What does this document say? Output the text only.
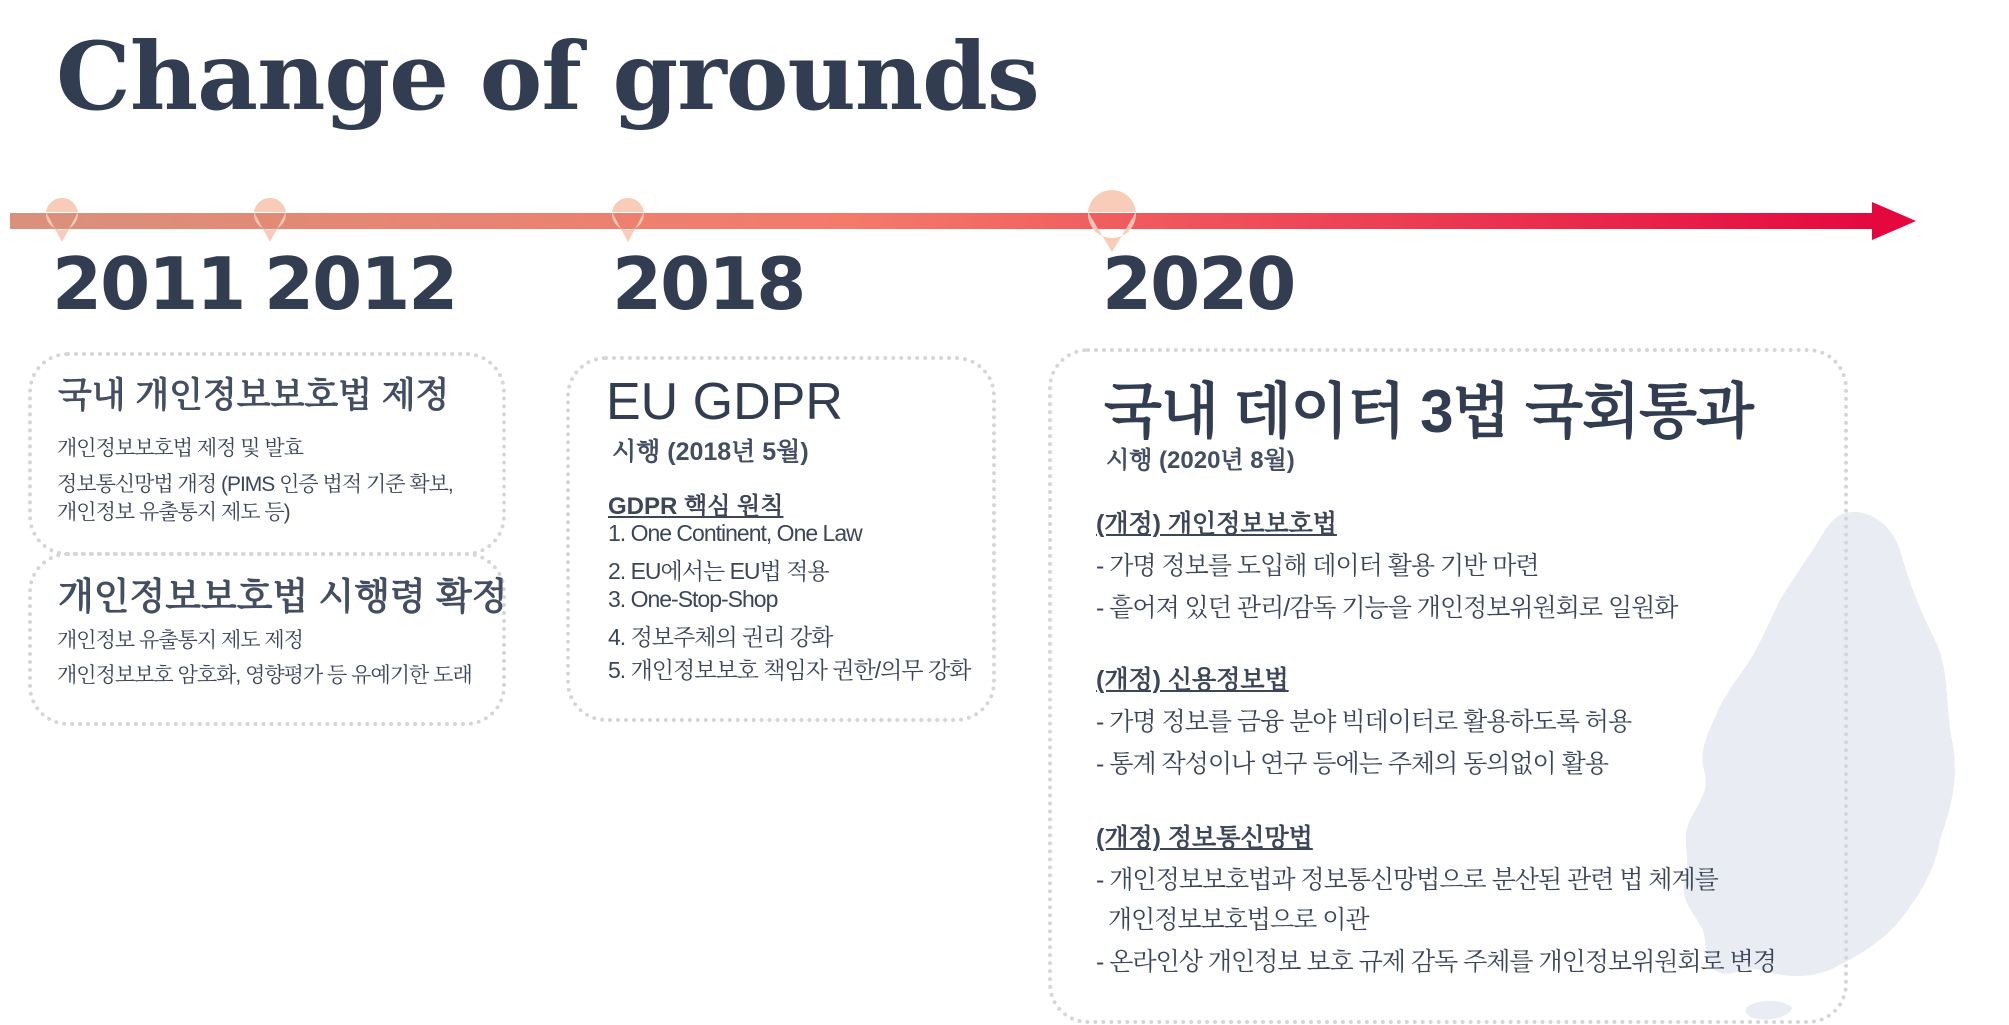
Change of grounds
2011 2012 2018	2020
국내 개인정보보호법 제정
개인정보보호법 제정 및 발효
정보통신망법 개정 (PIMS 인증 법적 기준 확보,
개인정보 유출통지 제도 등)
개인정보보호법 시행령 확정
개인정보 유출통지 제도 제정
개인정보보호 암호화, 영향평가 등 유예기한 도래
EU GDPR
시행 (2018년 5월)
GDPR 핵심 원칙
1. One Continent, One Law
2. EU에서는 EU법 적용
3. One-Stop-Shop
4. 정보주체의 권리 강화
5. 개인정보보호 책임자 권한/의무 강화
국내 데이터 3법 국회통과
시행 (2020년 8월)
(개정) 개인정보보호법
- 가명 정보를 도입해 데이터 활용 기반 마련
- 흩어져 있던 관리/감독 기능을 개인정보위원회로 일원화
(개정) 신용정보법
- 가명 정보를 금융 분야 빅데이터로 활용하도록 허용
- 통계 작성이나 연구 등에는 주체의 동의없이 활용
(개정) 정보통신망법
- 개인정보보호법과 정보통신망법으로 분산된 관련 법 체계를
개인정보보호법으로 이관
- 온라인상 개인정보 보호 규제 감독 주체를 개인정보위원회로 변경
